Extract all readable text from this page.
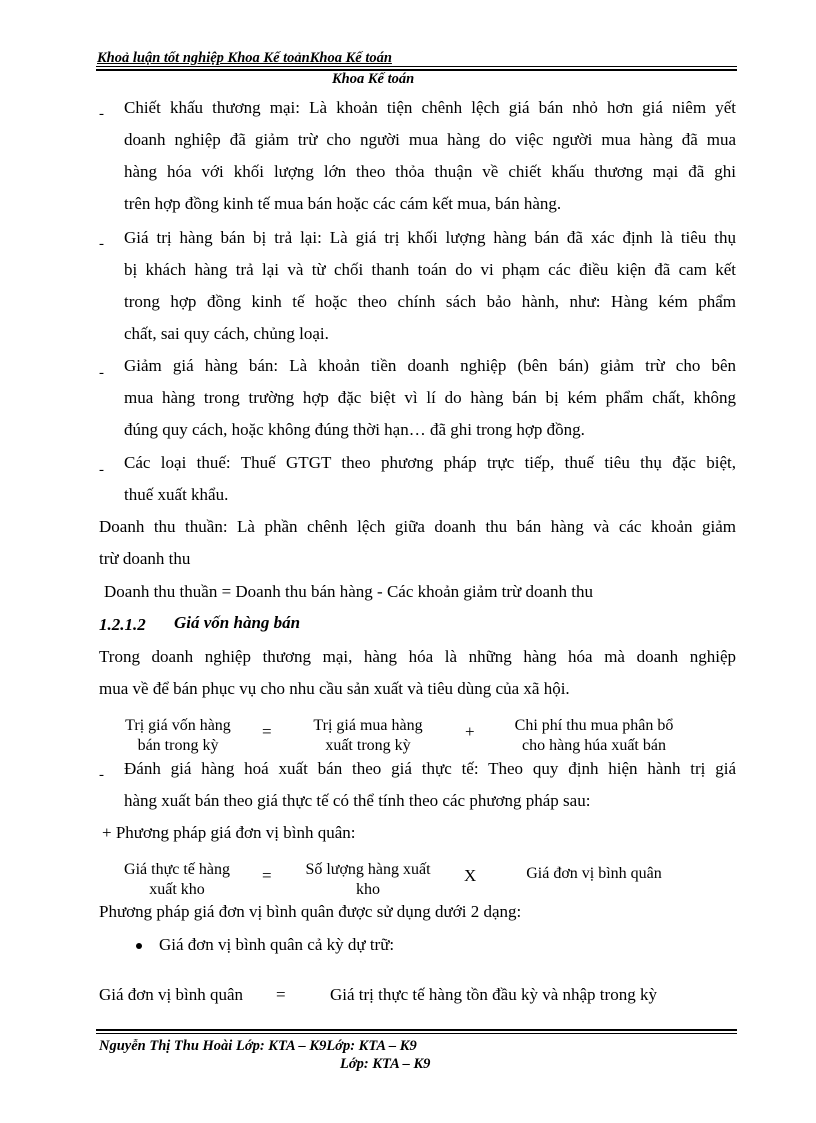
Khoả luận tốt nghiệp Khoa Kế toảnKhoa Kế toán
Khoa Kế toán
- Chiết khấu thương mại: Là khoản tiện chênh lệch giá bán nhỏ hơn giá niêm yết
doanh nghiệp đã giảm trừ cho người mua hàng do việc người mua hàng đã mua
hàng hóa với khối lượng lớn theo thỏa thuận về chiết khấu thương mại đã ghi
trên hợp đồng kinh tế mua bán hoặc các cám kết mua, bán hàng.
- Giá trị hàng bán bị trả lại: Là giá trị khối lượng hàng bán đã xác định là tiêu thụ
bị khách hàng trả lại và từ chối thanh toán do vi phạm các điều kiện đã cam kết
trong hợp đồng kinh tế hoặc theo chính sách bảo hành, như: Hàng kém phẩm
chất, sai quy cách, chủng loại.
- Giảm giá hàng bán: Là khoản tiền doanh nghiệp (bên bán) giảm trừ cho bên
mua hàng trong trường hợp đặc biệt vì lí do hàng bán bị kém phẩm chất, không
đúng quy cách, hoặc không đúng thời hạn… đã ghi trong hợp đồng.
- Các loại thuế: Thuế GTGT theo phương pháp trực tiếp, thuế tiêu thụ đặc biệt,
thuế xuất khẩu.
Doanh thu thuần: Là phần chênh lệch giữa doanh thu bán hàng và các khoản giảm
trừ doanh thu
Doanh thu thuần = Doanh thu bán hàng - Các khoản giảm trừ doanh thu
1.2.1.2 Giá vốn hàng bán
Trong doanh nghiệp thương mại, hàng hóa là những hàng hóa mà doanh nghiệp
mua về để bán phục vụ cho nhu cầu sản xuất và tiêu dùng của xã hội.
Trị giá vốn hàng
bán trong kỳ
=	Trị giá mua hàng
xuất trong kỳ
+	Chi phí thu mua phân bổ
cho hàng húa xuất bán
- Đánh giá hàng hoá xuất bán theo giá thực tế: Theo quy định hiện hành trị giá
hàng xuất bán theo giá thực tế có thể tính theo các phương pháp sau:
+ Phương pháp giá đơn vị bình quân:
Giá thực tế hàng
xuất kho
=	Số lượng hàng xuất
kho
X	Giá đơn vị bình quân
Phương pháp giá đơn vị bình quân được sử dụng dưới 2 dạng:
Giá đơn vị bình quân cả kỳ dự trữ:
Giá đơn vị bình quân =	Giá trị thực tế hàng tồn đầu kỳ và nhập trong kỳ
Nguyễn Thị Thu Hoài Lớp: KTA – K9Lớp: KTA – K9
Lớp: KTA – K9
